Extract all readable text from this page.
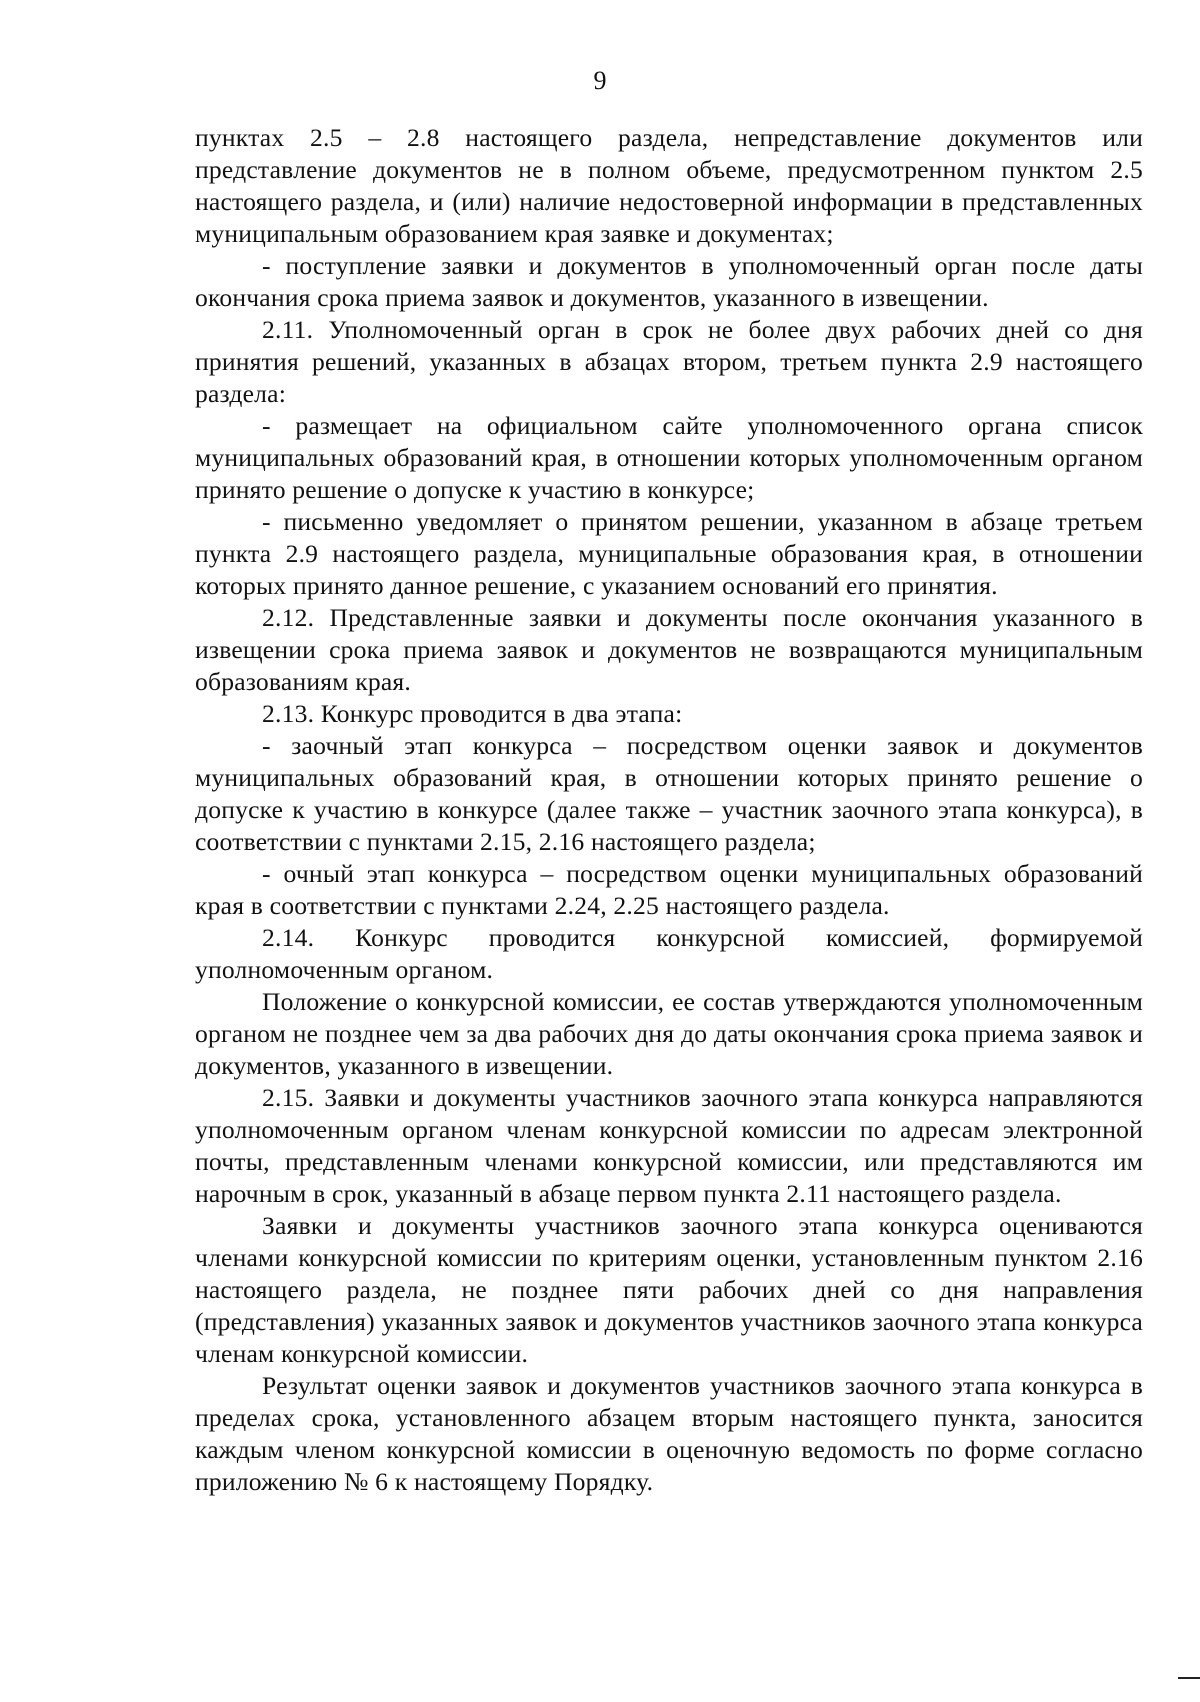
9

пунктах 2.5 – 2.8 настоящего раздела, непредставление документов или представление документов не в полном объеме, предусмотренном пунктом 2.5 настоящего раздела, и (или) наличие недостоверной информации в представленных муниципальным образованием края заявке и документах;

- поступление заявки и документов в уполномоченный орган после даты окончания срока приема заявок и документов, указанного в извещении.

2.11. Уполномоченный орган в срок не более двух рабочих дней со дня принятия решений, указанных в абзацах втором, третьем пункта 2.9 настоящего раздела:

- размещает на официальном сайте уполномоченного органа список муниципальных образований края, в отношении которых уполномоченным органом принято решение о допуске к участию в конкурсе;

- письменно уведомляет о принятом решении, указанном в абзаце третьем пункта 2.9 настоящего раздела, муниципальные образования края, в отношении которых принято данное решение, с указанием оснований его принятия.

2.12. Представленные заявки и документы после окончания указанного в извещении срока приема заявок и документов не возвращаются муниципальным образованиям края.

2.13. Конкурс проводится в два этапа:

- заочный этап конкурса – посредством оценки заявок и документов муниципальных образований края, в отношении которых принято решение о допуске к участию в конкурсе (далее также – участник заочного этапа конкурса), в соответствии с пунктами 2.15, 2.16 настоящего раздела;

- очный этап конкурса – посредством оценки муниципальных образований края в соответствии с пунктами 2.24, 2.25 настоящего раздела.

2.14. Конкурс проводится конкурсной комиссией, формируемой уполномоченным органом.

Положение о конкурсной комиссии, ее состав утверждаются уполномоченным органом не позднее чем за два рабочих дня до даты окончания срока приема заявок и документов, указанного в извещении.

2.15. Заявки и документы участников заочного этапа конкурса направляются уполномоченным органом членам конкурсной комиссии по адресам электронной почты, представленным членами конкурсной комиссии, или представляются им нарочным в срок, указанный в абзаце первом пункта 2.11 настоящего раздела.

Заявки и документы участников заочного этапа конкурса оцениваются членами конкурсной комиссии по критериям оценки, установленным пунктом 2.16 настоящего раздела, не позднее пяти рабочих дней со дня направления (представления) указанных заявок и документов участников заочного этапа конкурса членам конкурсной комиссии.

Результат оценки заявок и документов участников заочного этапа конкурса в пределах срока, установленного абзацем вторым настоящего пункта, заносится каждым членом конкурсной комиссии в оценочную ведомость по форме согласно приложению № 6 к настоящему Порядку.
